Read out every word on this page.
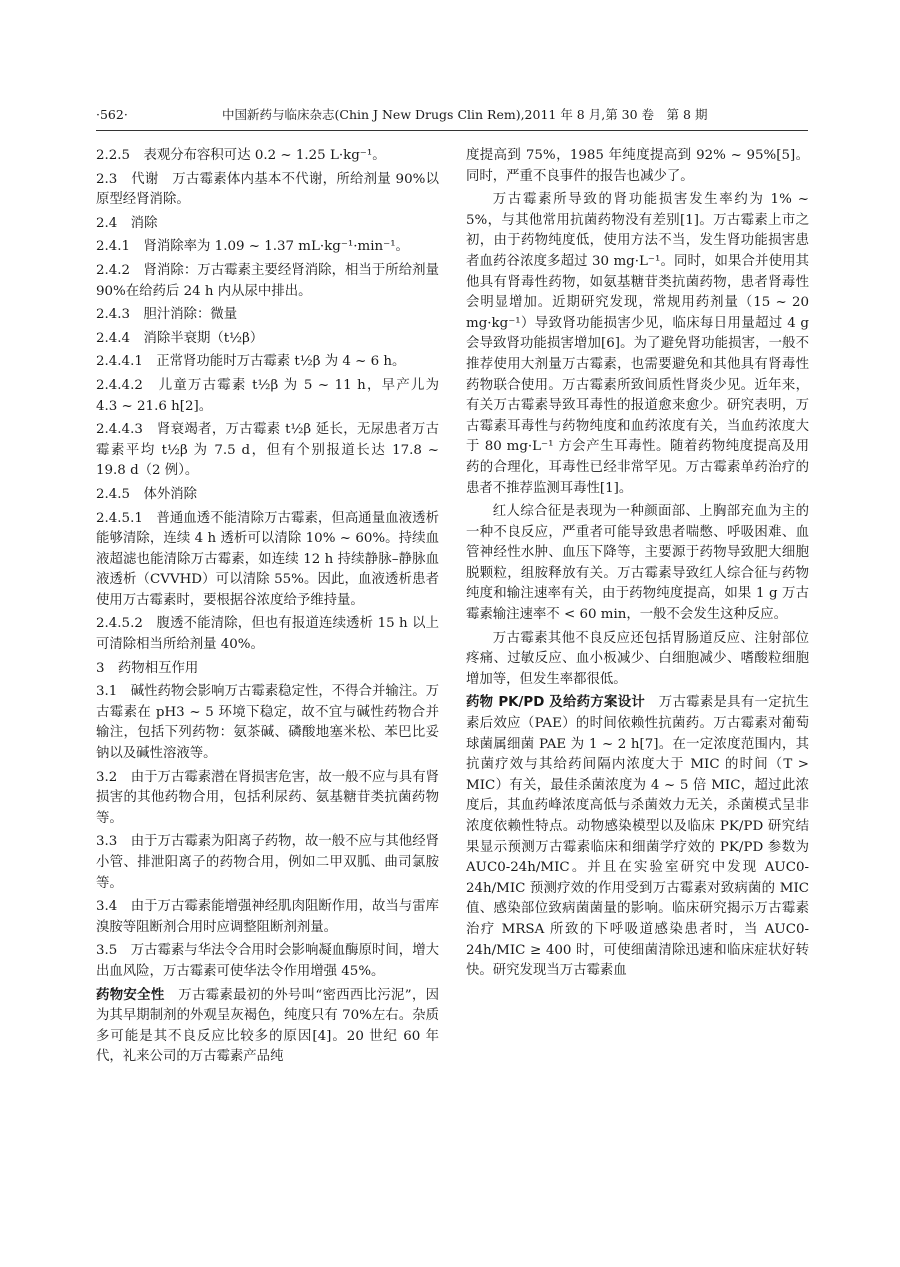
·562·	中国新药与临床杂志(Chin J New Drugs Clin Rem),2011 年 8 月,第 30 卷　第 8 期

2.2.5　表观分布容积可达 0.2 ~ 1.25 L·kg⁻¹。

2.3　代谢　万古霉素体内基本不代谢，所给剂量 90%以原型经肾消除。

2.4　消除

2.4.1　肾消除率为 1.09 ~ 1.37 mL·kg⁻¹·min⁻¹。

2.4.2　肾消除：万古霉素主要经肾消除，相当于所给剂量 90%在给药后 24 h 内从尿中排出。

2.4.3　胆汁消除：微量

2.4.4　消除半衰期（t½β）

2.4.4.1　正常肾功能时万古霉素 t½β 为 4 ~ 6 h。

2.4.4.2　儿童万古霉素 t½β 为 5 ~ 11 h，早产儿为 4.3 ~ 21.6 h[2]。

2.4.4.3　肾衰竭者，万古霉素 t½β 延长，无尿患者万古霉素平均 t½β 为 7.5 d，但有个别报道长达 17.8 ~ 19.8 d（2 例）。

2.4.5　体外消除

2.4.5.1　普通血透不能清除万古霉素，但高通量血液透析能够清除，连续 4 h 透析可以清除 10% ~ 60%。持续血液超滤也能清除万古霉素，如连续 12 h 持续静脉–静脉血液透析（CVVHD）可以清除 55%。因此，血液透析患者使用万古霉素时，要根据谷浓度给予维持量。

2.4.5.2　腹透不能清除，但也有报道连续透析 15 h 以上可清除相当所给剂量 40%。

3　药物相互作用

3.1　碱性药物会影响万古霉素稳定性，不得合并输注。万古霉素在 pH3 ~ 5 环境下稳定，故不宜与碱性药物合并输注，包括下列药物：氨茶碱、磷酸地塞米松、苯巴比妥钠以及碱性溶液等。

3.2　由于万古霉素潜在肾损害危害，故一般不应与具有肾损害的其他药物合用，包括利尿药、氨基糖苷类抗菌药物等。

3.3　由于万古霉素为阳离子药物，故一般不应与其他经肾小管、排泄阳离子的药物合用，例如二甲双胍、曲司氯胺等。

3.4　由于万古霉素能增强神经肌肉阻断作用，故当与雷库溴胺等阻断剂合用时应调整阻断剂剂量。

3.5　万古霉素与华法令合用时会影响凝血酶原时间，增大出血风险，万古霉素可使华法令作用增强 45%。

药物安全性　万古霉素最初的外号叫“密西西比污泥”，因为其早期制剂的外观呈灰褐色，纯度只有 70%左右。杂质多可能是其不良反应比较多的原因[4]。20 世纪 60 年代，礼来公司的万古霉素产品纯

度提高到 75%，1985 年纯度提高到 92% ~ 95%[5]。同时，严重不良事件的报告也减少了。

万古霉素所导致的肾功能损害发生率约为 1% ~ 5%，与其他常用抗菌药物没有差别[1]。万古霉素上市之初，由于药物纯度低，使用方法不当，发生肾功能损害患者血药谷浓度多超过 30 mg·L⁻¹。同时，如果合并使用其他具有肾毒性药物，如氨基糖苷类抗菌药物，患者肾毒性会明显增加。近期研究发现，常规用药剂量（15 ~ 20 mg·kg⁻¹）导致肾功能损害少见，临床每日用量超过 4 g 会导致肾功能损害增加[6]。为了避免肾功能损害，一般不推荐使用大剂量万古霉素，也需要避免和其他具有肾毒性药物联合使用。万古霉素所致间质性肾炎少见。近年来，有关万古霉素导致耳毒性的报道愈来愈少。研究表明，万古霉素耳毒性与药物纯度和血药浓度有关，当血药浓度大于 80 mg·L⁻¹ 方会产生耳毒性。随着药物纯度提高及用药的合理化，耳毒性已经非常罕见。万古霉素单药治疗的患者不推荐监测耳毒性[1]。

红人综合征是表现为一种颜面部、上胸部充血为主的一种不良反应，严重者可能导致患者喘憋、呼吸困难、血管神经性水肿、血压下降等，主要源于药物导致肥大细胞脱颗粒，组胺释放有关。万古霉素导致红人综合征与药物纯度和输注速率有关，由于药物纯度提高，如果 1 g 万古霉素输注速率不 < 60 min，一般不会发生这种反应。

万古霉素其他不良反应还包括胃肠道反应、注射部位疼痛、过敏反应、血小板减少、白细胞减少、嗜酸粒细胞增加等，但发生率都很低。

药物 PK/PD 及给药方案设计　万古霉素是具有一定抗生素后效应（PAE）的时间依赖性抗菌药。万古霉素对葡萄球菌属细菌 PAE 为 1 ~ 2 h[7]。在一定浓度范围内，其抗菌疗效与其给药间隔内浓度大于 MIC 的时间（T > MIC）有关，最佳杀菌浓度为 4 ~ 5 倍 MIC，超过此浓度后，其血药峰浓度高低与杀菌效力无关，杀菌模式呈非浓度依赖性特点。动物感染模型以及临床 PK/PD 研究结果显示预测万古霉素临床和细菌学疗效的 PK/PD 参数为 AUC0-24h/MIC。并且在实验室研究中发现 AUC0-24h/MIC 预测疗效的作用受到万古霉素对致病菌的 MIC 值、感染部位致病菌菌量的影响。临床研究揭示万古霉素治疗 MRSA 所致的下呼吸道感染患者时，当 AUC0-24h/MIC ≥ 400 时，可使细菌清除迅速和临床症状好转快。研究发现当万古霉素血
